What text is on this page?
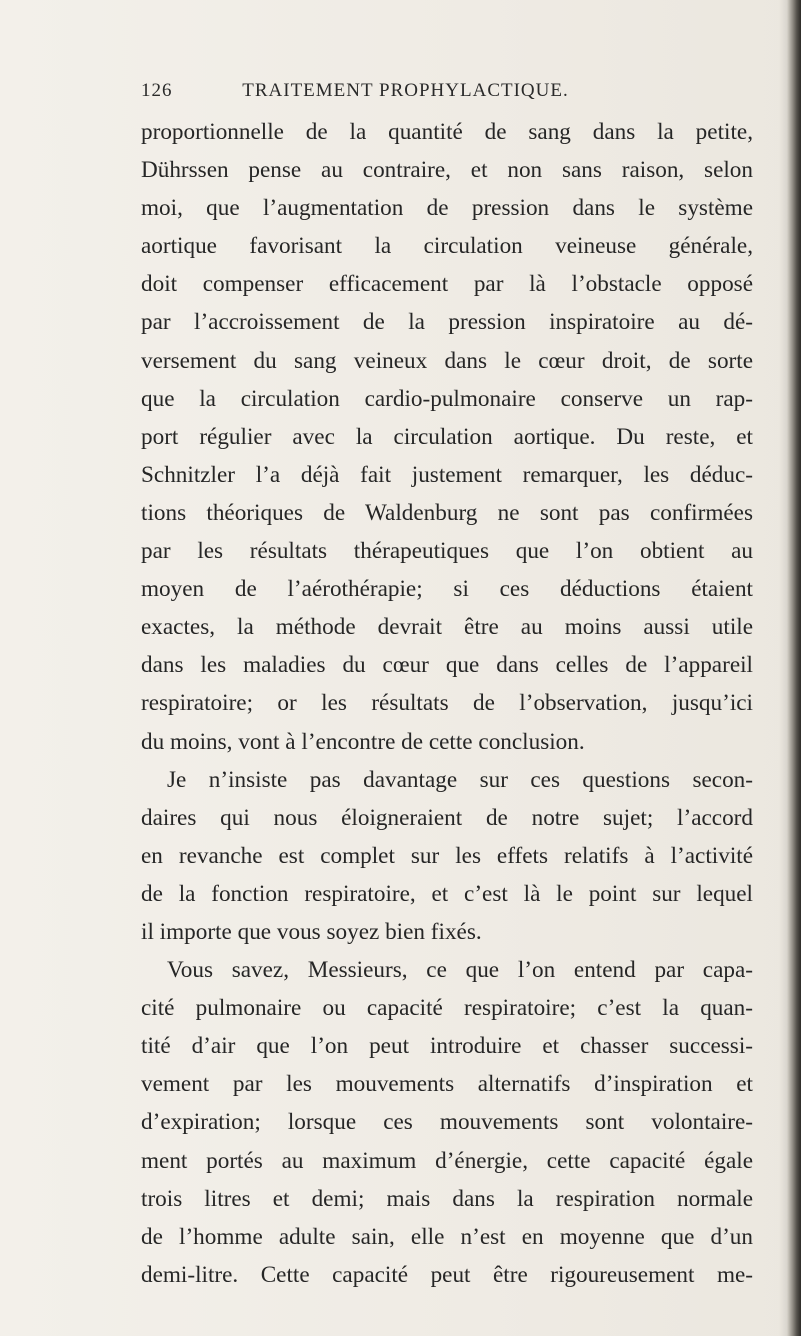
126	TRAITEMENT PROPHYLACTIQUE.
proportionnelle de la quantité de sang dans la petite,
Dührssen pense au contraire, et non sans raison, selon
moi, que l’augmentation de pression dans le système
aortique favorisant la circulation veineuse générale,
doit compenser efficacement par là l’obstacle opposé
par l’accroissement de la pression inspiratoire au dé-
versement du sang veineux dans le cœur droit, de sorte
que la circulation cardio-pulmonaire conserve un rap-
port régulier avec la circulation aortique. Du reste, et
Schnitzler l’a déjà fait justement remarquer, les déduc-
tions théoriques de Waldenburg ne sont pas confirmées
par les résultats thérapeutiques que l’on obtient au
moyen de l’aérothérapie; si ces déductions étaient
exactes, la méthode devrait être au moins aussi utile
dans les maladies du cœur que dans celles de l’appareil
respiratoire; or les résultats de l’observation, jusqu’ici
du moins, vont à l’encontre de cette conclusion.
Je n’insiste pas davantage sur ces questions secon-
daires qui nous éloigneraient de notre sujet; l’accord
en revanche est complet sur les effets relatifs à l’activité
de la fonction respiratoire, et c’est là le point sur lequel
il importe que vous soyez bien fixés.
Vous savez, Messieurs, ce que l’on entend par capa-
cité pulmonaire ou capacité respiratoire; c’est la quan-
tité d’air que l’on peut introduire et chasser successi-
vement par les mouvements alternatifs d’inspiration et
d’expiration; lorsque ces mouvements sont volontaire-
ment portés au maximum d’énergie, cette capacité égale
trois litres et demi; mais dans la respiration normale
de l’homme adulte sain, elle n’est en moyenne que d’un
demi-litre. Cette capacité peut être rigoureusement me-
